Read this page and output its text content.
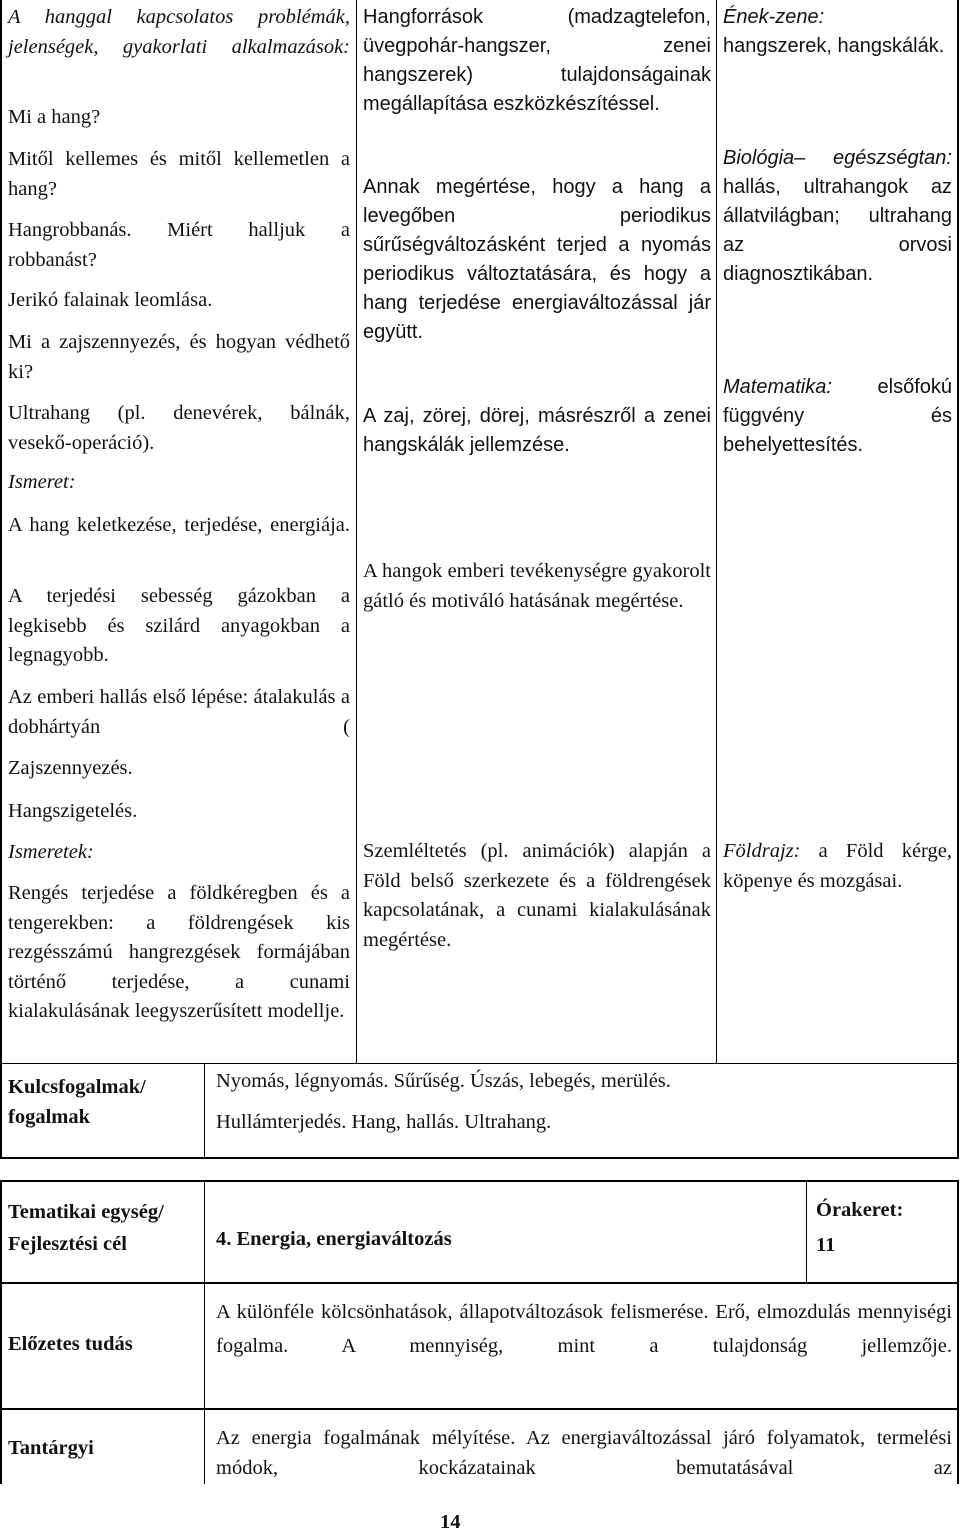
A hanggal kapcsolatos problémák, jelenségek, gyakorlati alkalmazások:
Mi a hang?
Mitől kellemes és mitől kellemetlen a hang?
Hangrobbanás. Miért halljuk a robbanást?
Jerikó falainak leomlása.
Mi a zajszennyezés, és hogyan védhető ki?
Ultrahang (pl. denevérek, bálnák, vesekő-operáció).
Ismeret:
A hang keletkezése, terjedése, energiája.
A terjedési sebesség gázokban a legkisebb és szilárd anyagokban a legnagyobb.
Az emberi hallás első lépése: átalakulás a dobhártyán (
Zajszennyezés.
Hangszigetelés.
Ismeretek:
Rengés terjedése a földkéregben és a tengerekben: a földrengések kis rezgésszámú hangrezgések formájában történő terjedése, a cunami kialakulásának leegyszerűsített modellje.
Hangforrások (madzagtelefon, üvegpohár-hangszer, zenei hangszerek) tulajdonságainak megállapítása eszközkészítéssel.
Annak megértése, hogy a hang a levegőben periodikus sűrűségváltozásként terjed a nyomás periodikus változtatására, és hogy a hang terjedése energiaváltozással jár együtt.
A zaj, zörej, dörej, másrészről a zenei hangskálák jellemzése.
A hangok emberi tevékenységre gyakorolt gátló és motiváló hatásának megértése.
Szemléltetés (pl. animációk) alapján a Föld belső szerkezete és a földrengések kapcsolatának, a cunami kialakulásának megértése.
Ének-zene:
hangszerek, hangskálák.
Biológia– egészségtan: hallás, ultrahangok az állatvilágban; ultrahang az orvosi diagnosztikában.
Matematika: elsőfokú függvény és behelyettesítés.
Földrajz: a Föld kérge, köpenye és mozgásai.
Kulcsfogalmak/ fogalmak
Nyomás, légnyomás. Sűrűség. Úszás, lebegés, merülés.
Hullámterjedés. Hang, hallás. Ultrahang.
Tematikai egység/ Fejlesztési cél	4. Energia, energiaváltozás
Órakeret:
11
Előzetes tudás
A különféle kölcsönhatások, állapotváltozások felismerése. Erő, elmozdulás mennyiségi fogalma. A mennyiség, mint a tulajdonság jellemzője.
Tantárgyi	Az energia fogalmának mélyítése. Az energiaváltozással járó folyamatok, termelési módok, kockázatainak bemutatásával az
14
